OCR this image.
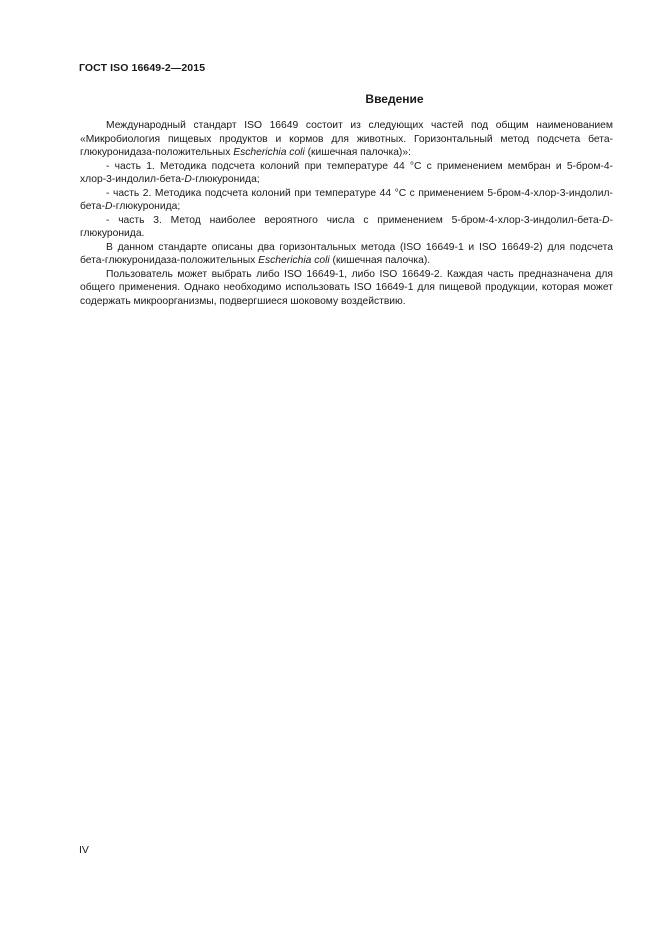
ГОСТ ISO 16649-2—2015
Введение

Международный стандарт ISO 16649 состоит из следующих частей под общим наименованием «Микробиология пищевых продуктов и кормов для животных. Горизонтальный метод подсчета бета-глюкуронидаза-положительных Escherichia coli (кишечная палочка)»:

- часть 1. Методика подсчета колоний при температуре 44 °C с применением мембран и 5-бром-4-хлор-3-индолил-бета-D-глюкуронида;

- часть 2. Методика подсчета колоний при температуре 44 °C с применением 5-бром-4-хлор-3-индолил-бета-D-глюкуронида;

- часть 3. Метод наиболее вероятного числа с применением 5-бром-4-хлор-3-индолил-бета-D-глюкуронида.

В данном стандарте описаны два горизонтальных метода (ISO 16649-1 и ISO 16649-2) для подсчета бета-глюкуронидаза-положительных Escherichia coli (кишечная палочка).

Пользователь может выбрать либо ISO 16649-1, либо ISO 16649-2. Каждая часть предназначена для общего применения. Однако необходимо использовать ISO 16649-1 для пищевой продукции, которая может содержать микроорганизмы, подвергшиеся шоковому воздействию.

IV
